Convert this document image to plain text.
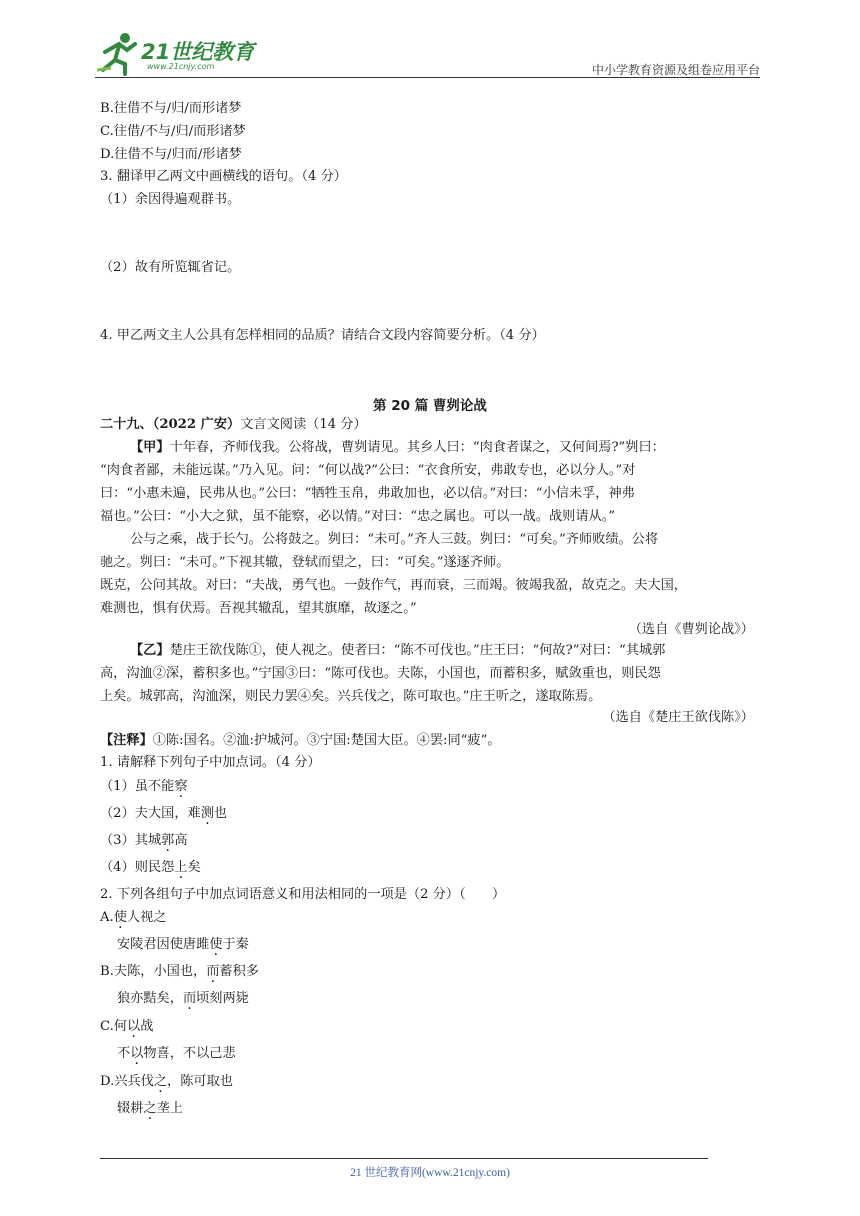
21世纪教育
www.21cnjy.com	中小学教育资源及组卷应用平台
B.往借不与/归/而形诸梦
C.往借/不与/归/而形诸梦
D.往借不与/归而/形诸梦
3. 翻译甲乙两文中画横线的语句。（4 分）
（1）余因得遍观群书。
（2）故有所览辄省记。
4. 甲乙两文主人公具有怎样相同的品质？请结合文段内容简要分析。（4 分）
第 20 篇 曹刿论战
二十九、（2022 广安）文言文阅读（14 分）
【甲】十年春，齐师伐我。公将战，曹刿请见。其乡人曰：“肉食者谋之，又何间焉?”刿曰：
“肉食者鄙，未能远谋。”乃入见。问：“何以战?”公曰：“衣食所安，弗敢专也，必以分人。”对
曰：“小惠未遍，民弗从也。”公曰：“牺牲玉帛，弗敢加也，必以信。”对曰：“小信未孚，神弗
福也。”公曰：“小大之狱，虽不能察，必以情。”对曰：“忠之属也。可以一战。战则请从。”
公与之乘，战于长勺。公将鼓之。刿曰：“未可。”齐人三鼓。刿曰：“可矣。”齐师败绩。公将
驰之。刿曰：“未可。”下视其辙，登轼而望之，曰：“可矣。”遂逐齐师。
既克，公问其故。对曰：“夫战，勇气也。一鼓作气，再而衰，三而竭。彼竭我盈，故克之。夫大国，
难测也，惧有伏焉。吾视其辙乱，望其旗靡，故逐之。”
（选自《曹刿论战》）
【乙】楚庄王欲伐陈①，使人视之。使者曰：“陈不可伐也。”庄王曰：“何故?”对曰：“其城郭
高，沟洫②深，蓄积多也。”宁国③曰：“陈可伐也。夫陈，小国也，而蓄积多，赋敛重也，则民怨
上矣。城郭高，沟洫深，则民力罢④矣。兴兵伐之，陈可取也。”庄王听之，遂取陈焉。
（选自《楚庄王欲伐陈》）
【注释】①陈:国名。②洫:护城河。③宁国:楚国大臣。④罢:同“疲”。
1. 请解释下列句子中加点词。（4 分）
（1）虽不能察
（2）夫大国，难测也
（3）其城郭高
（4）则民怨上矣
2. 下列各组句子中加点词语意义和用法相同的一项是（2 分）（　　）
A.使人视之
安陵君因使唐雎使于秦
B.夫陈，小国也，而蓄积多
狼亦黠矣，而顷刻两毙
C.何以战
不以物喜，不以己悲
D.兴兵伐之，陈可取也
辍耕之垄上
21 世纪教育网(www.21cnjy.com)
